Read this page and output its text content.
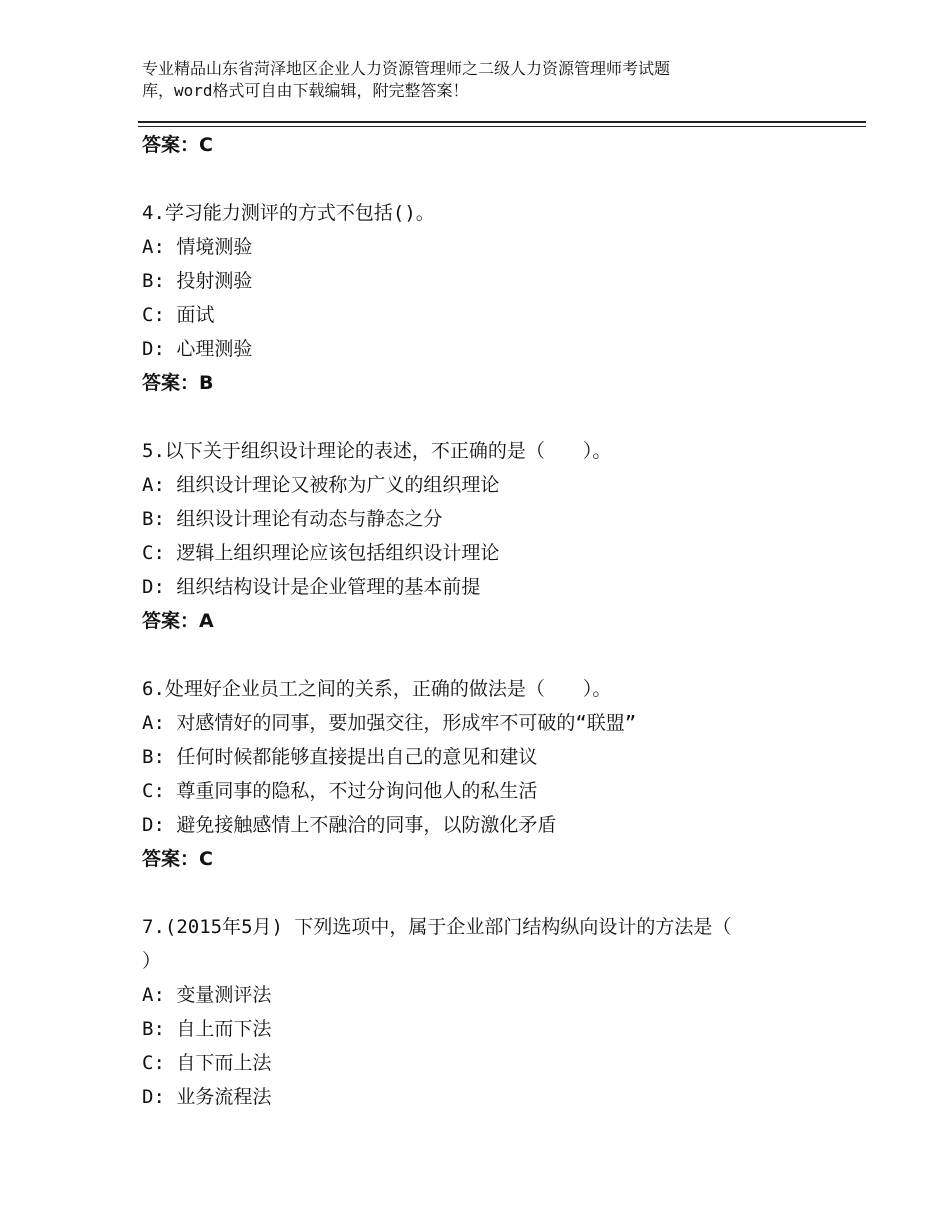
专业精品山东省菏泽地区企业人力资源管理师之二级人力资源管理师考试题
库，word格式可自由下载编辑，附完整答案！
答案：C
4.学习能力测评的方式不包括()。
A: 情境测验
B: 投射测验
C: 面试
D: 心理测验
答案：B
5.以下关于组织设计理论的表述，不正确的是（　　）。
A: 组织设计理论又被称为广义的组织理论
B: 组织设计理论有动态与静态之分
C: 逻辑上组织理论应该包括组织设计理论
D: 组织结构设计是企业管理的基本前提
答案：A
6.处理好企业员工之间的关系，正确的做法是（　　）。
A: 对感情好的同事，要加强交往，形成牢不可破的“联盟”
B: 任何时候都能够直接提出自己的意见和建议
C: 尊重同事的隐私，不过分询问他人的私生活
D: 避免接触感情上不融洽的同事，以防激化矛盾
答案：C
7.(2015年5月) 下列选项中，属于企业部门结构纵向设计的方法是（
）
A: 变量测评法
B: 自上而下法
C: 自下而上法
D: 业务流程法
